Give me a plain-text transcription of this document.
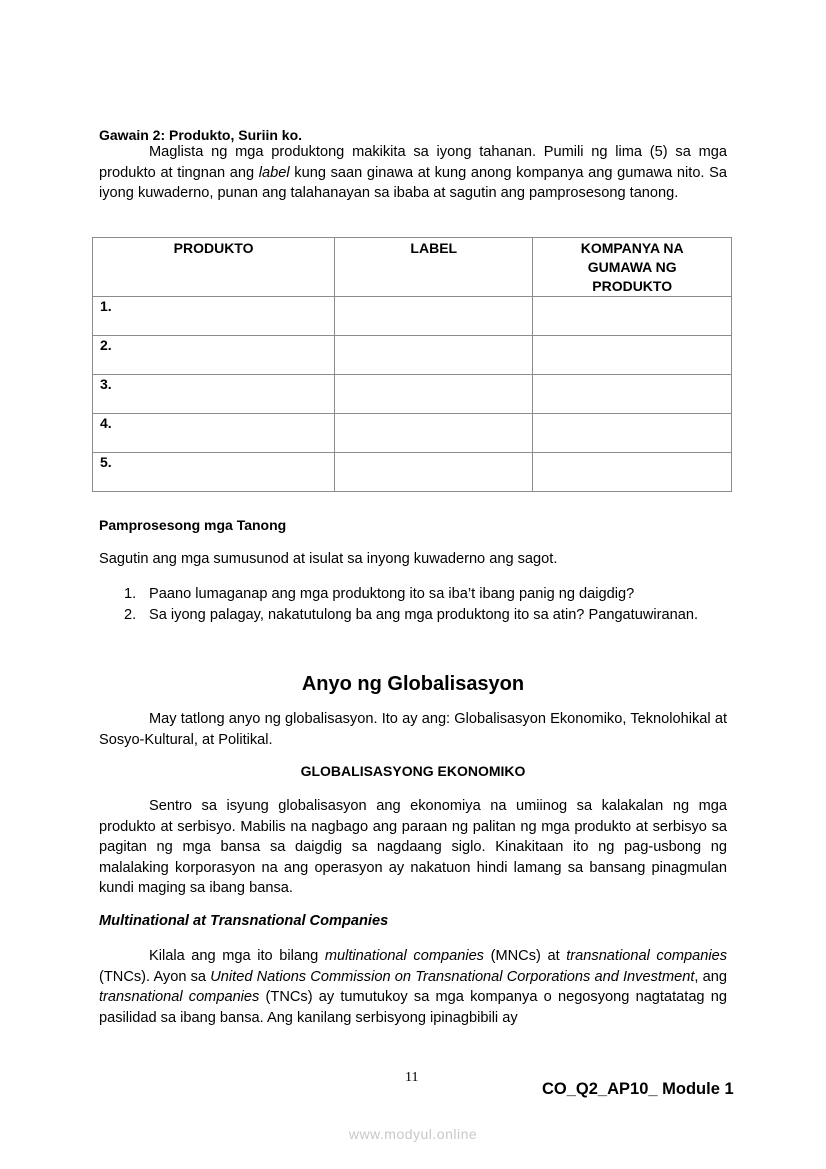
Gawain 2: Produkto, Suriin ko.

Maglista ng mga produktong makikita sa iyong tahanan. Pumili ng lima (5) sa mga produkto at tingnan ang label kung saan ginawa at kung anong kompanya ang gumawa nito. Sa iyong kuwaderno, punan ang talahanayan sa ibaba at sagutin ang pamprosesong tanong.

PRODUKTO	LABEL	KOMPANYA NA GUMAWA NG PRODUKTO

1.		
2.		
3.		
4.		
5.		
Pamprosesong mga Tanong
Sagutin ang mga sumusunod at isulat sa inyong kuwaderno ang sagot.
1. Paano lumaganap ang mga produktong ito sa iba’t ibang panig ng daigdig?
2. Sa iyong palagay, nakatutulong ba ang mga produktong ito sa atin? Pangatuwiranan.
Anyo ng Globalisasyon

May tatlong anyo ng globalisasyon. Ito ay ang: Globalisasyon Ekonomiko, Teknolohikal at Sosyo-Kultural, at Politikal.

GLOBALISASYONG EKONOMIKO

Sentro sa isyung globalisasyon ang ekonomiya na umiinog sa kalakalan ng mga produkto at serbisyo. Mabilis na nagbago ang paraan ng palitan ng mga produkto at serbisyo sa pagitan ng mga bansa sa daigdig sa nagdaang siglo. Kinakitaan ito ng pag-usbong ng malalaking korporasyon na ang operasyon ay nakatuon hindi lamang sa bansang pinagmulan kundi maging sa ibang bansa.

Multinational at Transnational Companies

Kilala ang mga ito bilang multinational companies (MNCs) at transnational companies (TNCs). Ayon sa United Nations Commission on Transnational Corporations and Investment, ang transnational companies (TNCs) ay tumutukoy sa mga kompanya o negosyong nagtatatag ng pasilidad sa ibang bansa. Ang kanilang serbisyong ipinagbibili ay

11
CO_Q2_AP10_ Module 1
www.modyul.online
